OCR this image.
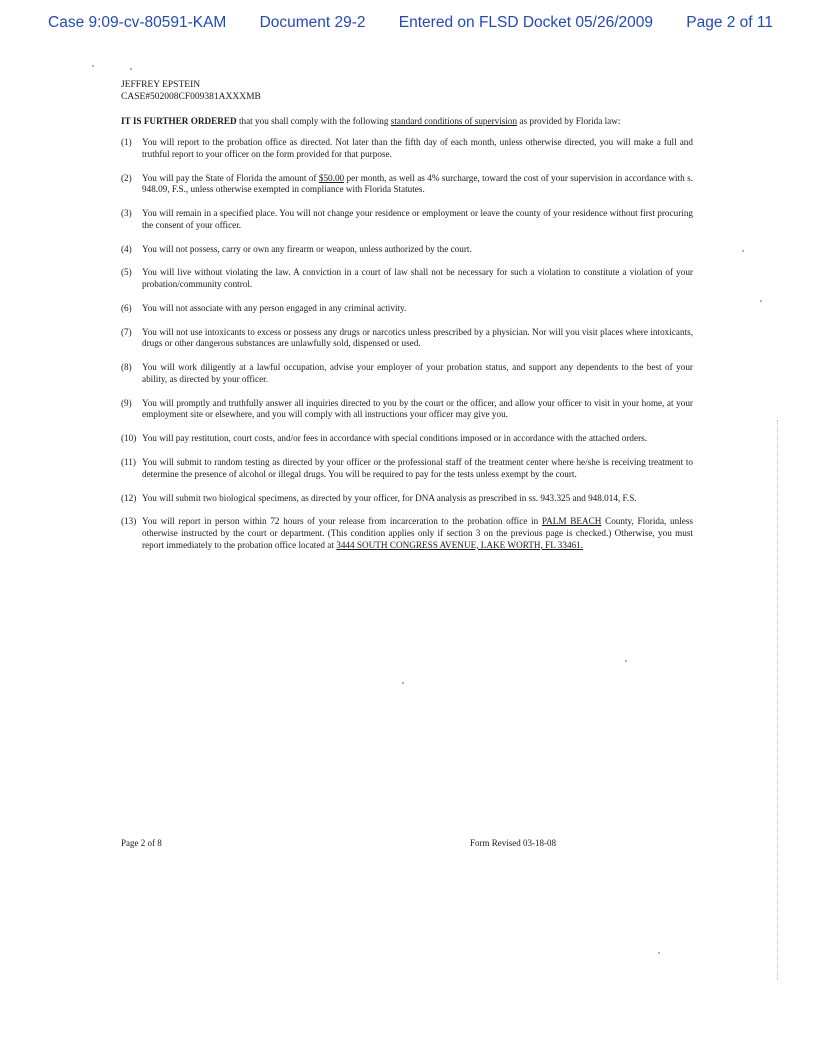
Case 9:09-cv-80591-KAM Document 29-2 Entered on FLSD Docket 05/26/2009 Page 2 of 11
JEFFREY EPSTEIN
CASE#502008CF009381AXXXMB
IT IS FURTHER ORDERED that you shall comply with the following standard conditions of supervision as provided by Florida law:
(1)	You will report to the probation office as directed. Not later than the fifth day of each month, unless otherwise directed, you will make a full and truthful report to your officer on the form provided for that purpose.
(2)	You will pay the State of Florida the amount of $50.00 per month, as well as 4% surcharge, toward the cost of your supervision in accordance with s. 948.09, F.S., unless otherwise exempted in compliance with Florida Statutes.
(3)	You will remain in a specified place. You will not change your residence or employment or leave the county of your residence without first procuring the consent of your officer.
(4)	You will not possess, carry or own any firearm or weapon, unless authorized by the court.
(5)	You will live without violating the law. A conviction in a court of law shall not be necessary for such a violation to constitute a violation of your probation/community control.
(6)	You will not associate with any person engaged in any criminal activity.
(7)	You will not use intoxicants to excess or possess any drugs or narcotics unless prescribed by a physician. Nor will you visit places where intoxicants, drugs or other dangerous substances are unlawfully sold, dispensed or used.
(8)	You will work diligently at a lawful occupation, advise your employer of your probation status, and support any dependents to the best of your ability, as directed by your officer.
(9)	You will promptly and truthfully answer all inquiries directed to you by the court or the officer, and allow your officer to visit in your home, at your employment site or elsewhere, and you will comply with all instructions your officer may give you.
(10) You will pay restitution, court costs, and/or fees in accordance with special conditions imposed or in accordance with the attached orders.
(11) You will submit to random testing as directed by your officer or the professional staff of the treatment center where he/she is receiving treatment to determine the presence of alcohol or illegal drugs. You will be required to pay for the tests unless exempt by the court.
(12) You will submit two biological specimens, as directed by your officer, for DNA analysis as prescribed in ss. 943.325 and 948.014, F.S.
(13) You will report in person within 72 hours of your release from incarceration to the probation office in PALM BEACH County, Florida, unless otherwise instructed by the court or department. (This condition applies only if section 3 on the previous page is checked.) Otherwise, you must report immediately to the probation office located at 3444 SOUTH CONGRESS AVENUE, LAKE WORTH, FL 33461.
Page 2 of 8	Form Revised 03-18-08
